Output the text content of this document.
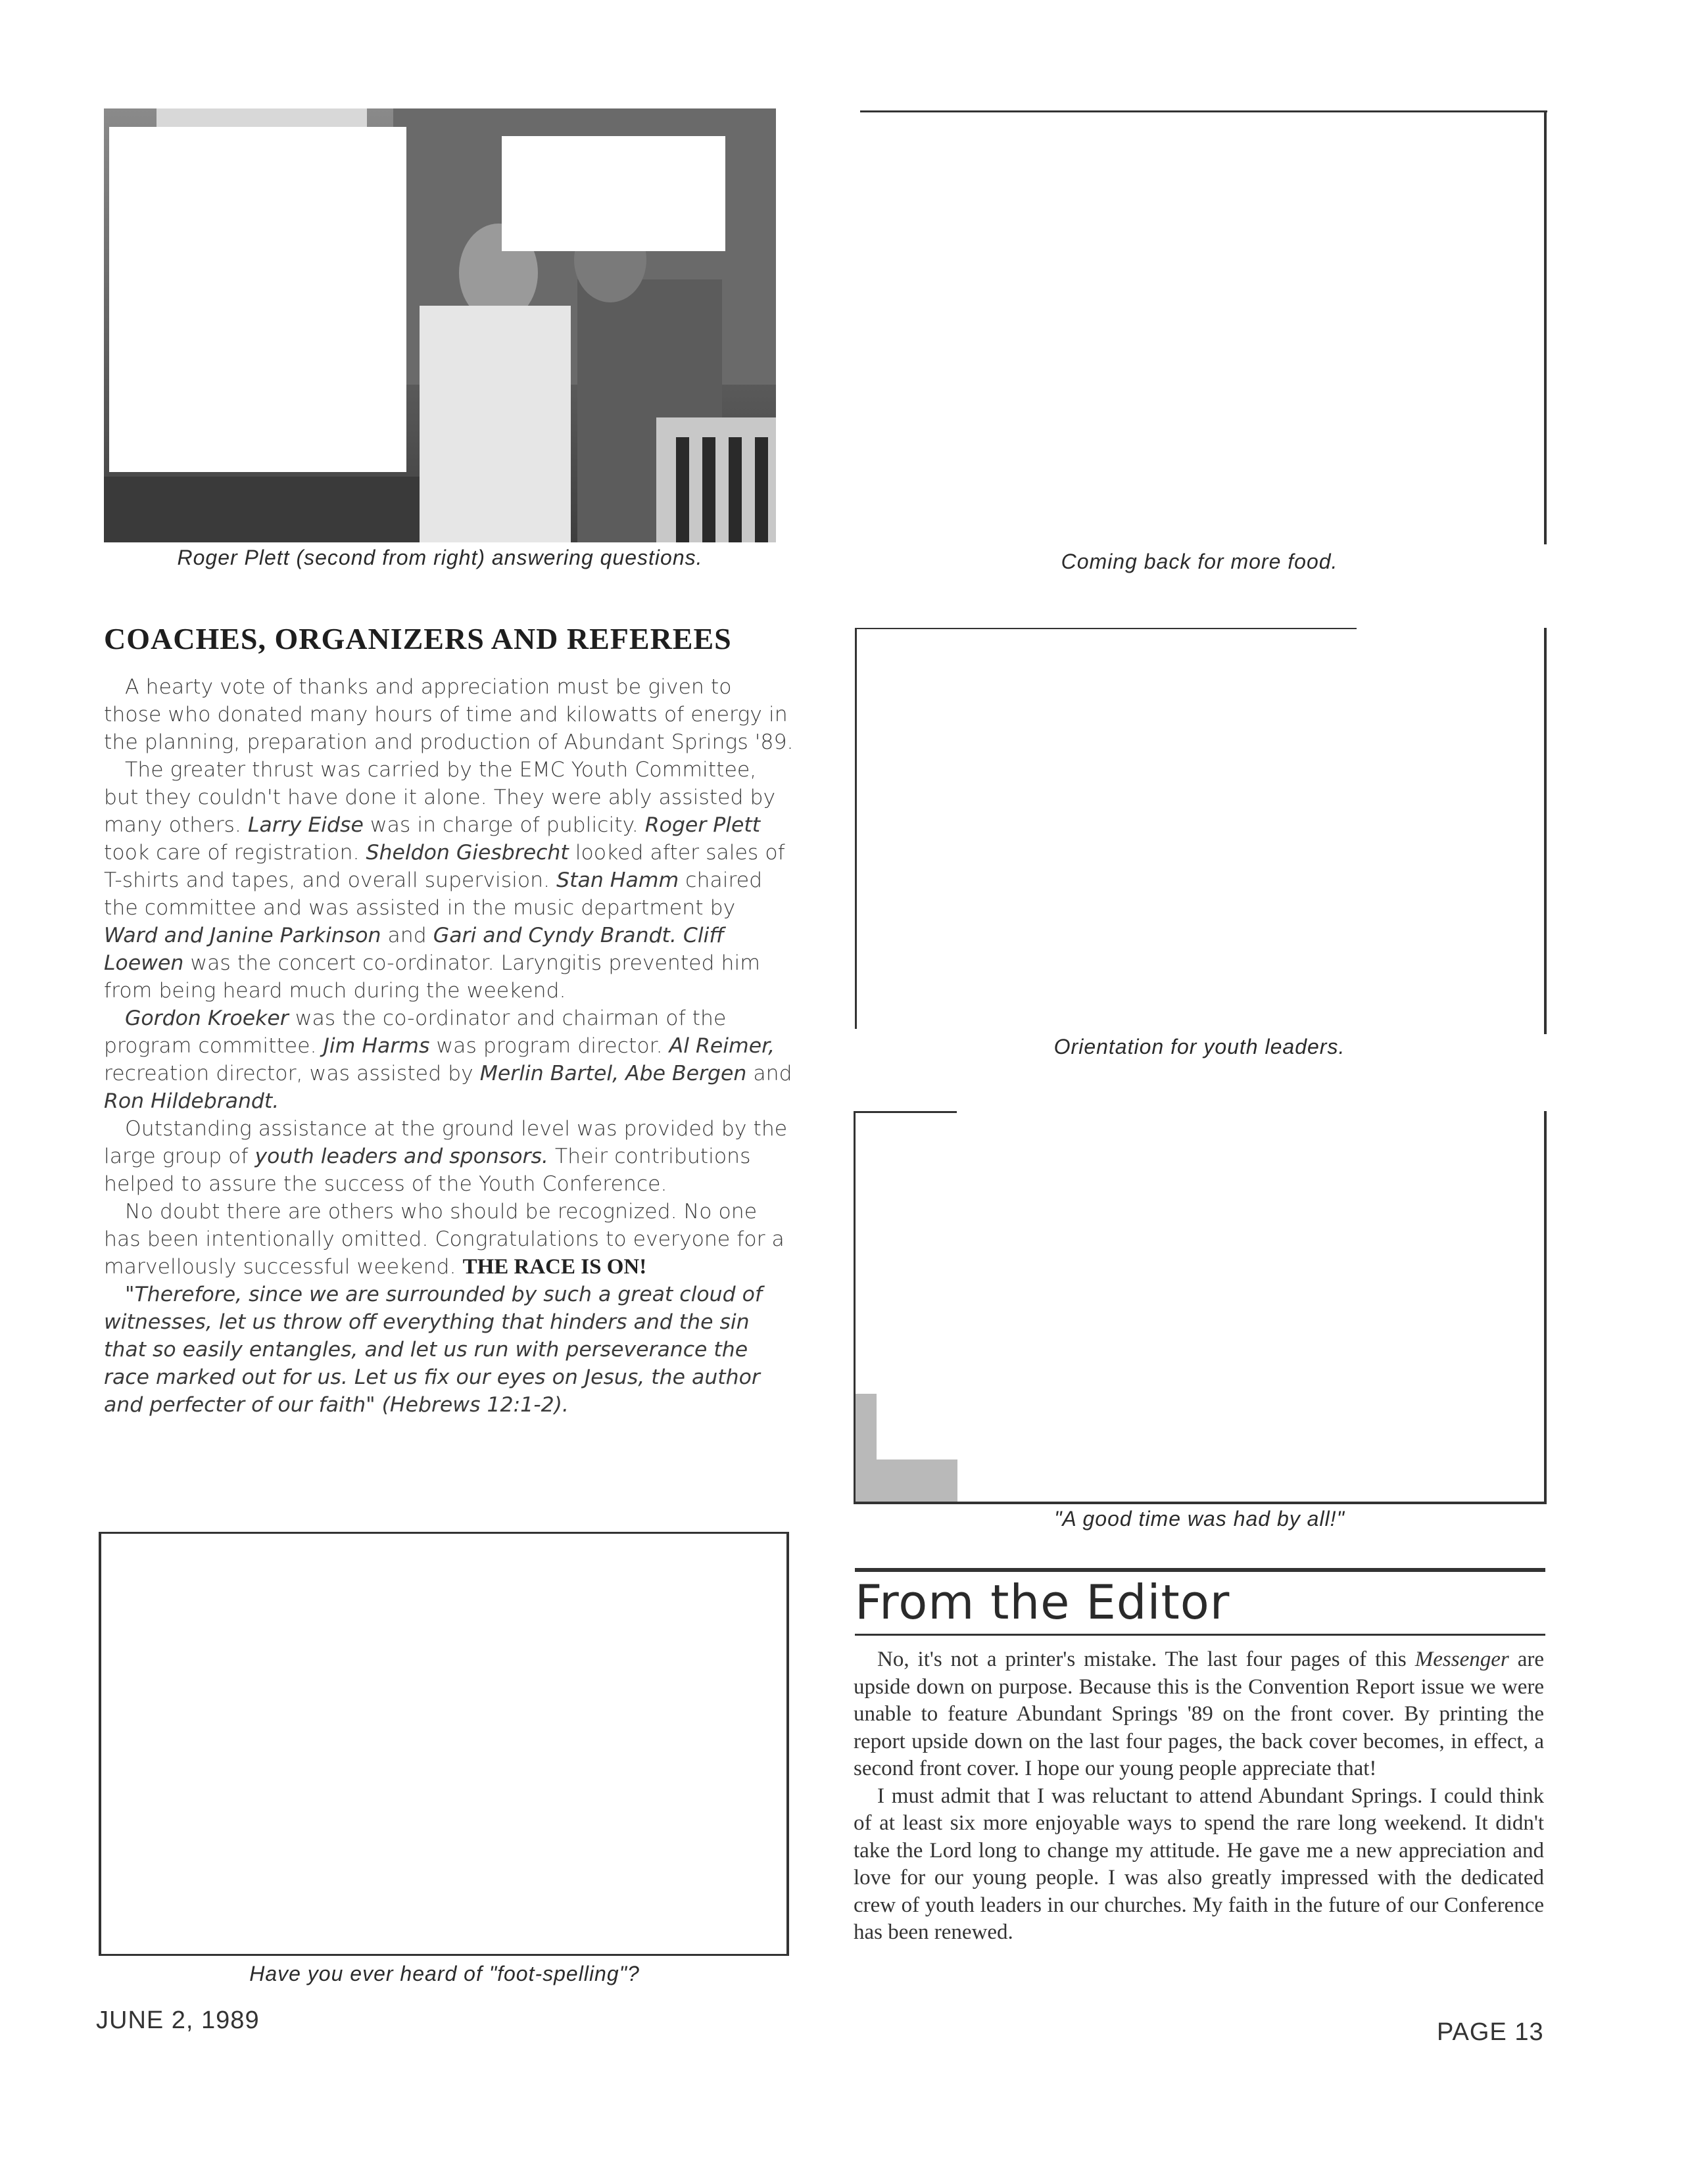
Roger Plett (second from right) answering questions.	Coming back for more food.
Orientation for youth leaders.
"A good time was had by all!"
Have you ever heard of "foot-spelling"?
COACHES, ORGANIZERS AND REFEREES

A hearty vote of thanks and appreciation must be given to those who donated many hours of time and kilowatts of energy in the planning, preparation and production of Abundant Springs '89.

The greater thrust was carried by the EMC Youth Committee, but they couldn't have done it alone. They were ably assisted by many others. Larry Eidse was in charge of publicity. Roger Plett took care of registration. Sheldon Giesbrecht looked after sales of T-shirts and tapes, and overall supervision. Stan Hamm chaired the committee and was assisted in the music department by Ward and Janine Parkinson and Gari and Cyndy Brandt. Cliff Loewen was the concert co-ordinator. Laryngitis prevented him from being heard much during the weekend.

Gordon Kroeker was the co-ordinator and chairman of the program committee. Jim Harms was program director. Al Reimer, recreation director, was assisted by Merlin Bartel, Abe Bergen and Ron Hildebrandt.

Outstanding assistance at the ground level was provided by the large group of youth leaders and sponsors. Their contributions helped to assure the success of the Youth Conference.

No doubt there are others who should be recognized. No one has been intentionally omitted. Congratulations to everyone for a marvellously successful weekend. THE RACE IS ON!

"Therefore, since we are surrounded by such a great cloud of witnesses, let us throw off everything that hinders and the sin that so easily entangles, and let us run with perseverance the race marked out for us. Let us fix our eyes on Jesus, the author and perfecter of our faith" (Hebrews 12:1-2).

From the Editor

No, it's not a printer's mistake. The last four pages of this Messenger are upside down on purpose. Because this is the Convention Report issue we were unable to feature Abundant Springs '89 on the front cover. By printing the report upside down on the last four pages, the back cover becomes, in effect, a second front cover. I hope our young people appreciate that!

I must admit that I was reluctant to attend Abundant Springs. I could think of at least six more enjoyable ways to spend the rare long weekend. It didn't take the Lord long to change my attitude. He gave me a new appreciation and love for our young people. I was also greatly impressed with the dedicated crew of youth leaders in our churches. My faith in the future of our Conference has been renewed.

JUNE 2, 1989	PAGE 13
